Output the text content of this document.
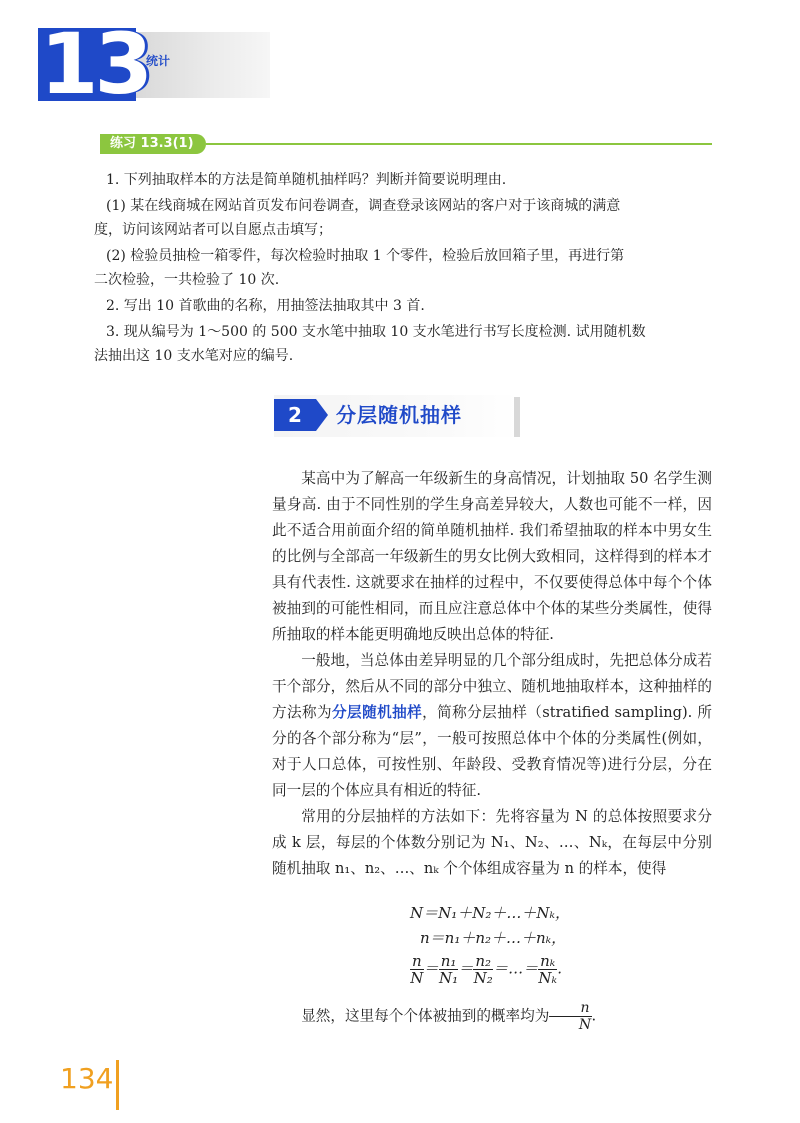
13
统计
练习 13.3(1)
1. 下列抽取样本的方法是简单随机抽样吗？判断并简要说明理由.
(1) 某在线商城在网站首页发布问卷调查，调查登录该网站的客户对于该商城的满意
度，访问该网站者可以自愿点击填写；
(2) 检验员抽检一箱零件，每次检验时抽取 1 个零件，检验后放回箱子里，再进行第
二次检验，一共检验了 10 次.
2. 写出 10 首歌曲的名称，用抽签法抽取其中 3 首.
3. 现从编号为 1～500 的 500 支水笔中抽取 10 支水笔进行书写长度检测. 试用随机数
法抽出这 10 支水笔对应的编号.
2	分层随机抽样

某高中为了解高一年级新生的身高情况，计划抽取 50 名学生测量身高. 由于不同性别的学生身高差异较大，人数也可能不一样，因此不适合用前面介绍的简单随机抽样. 我们希望抽取的样本中男女生的比例与全部高一年级新生的男女比例大致相同，这样得到的样本才具有代表性. 这就要求在抽样的过程中，不仅要使得总体中每个个体被抽到的可能性相同，而且应注意总体中个体的某些分类属性，使得所抽取的样本能更明确地反映出总体的特征.

一般地，当总体由差异明显的几个部分组成时，先把总体分成若干个部分，然后从不同的部分中独立、随机地抽取样本，这种抽样的方法称为分层随机抽样，简称分层抽样（stratified sampling). 所分的各个部分称为“层”，一般可按照总体中个体的分类属性(例如，对于人口总体，可按性别、年龄段、受教育情况等)进行分层，分在同一层的个体应具有相近的特征.

常用的分层抽样的方法如下：先将容量为 N 的总体按照要求分成 k 层，每层的个体数分别记为 N₁、N₂、…、Nₖ，在每层中分别随机抽取 n₁、n₂、…、nₖ 个个体组成容量为 n 的样本，使得

N＝N₁＋N₂＋…＋Nₖ，
n＝n₁＋n₂＋…＋nₖ，
$\frac{n}{N} = \frac{\text{n₁}}{\text{N₁}} = \frac{\text{n₂}}{\text{N₂}}$ ＝…＝ $\frac{\text{nₖ}}{\text{Nₖ}}$ .

显然，这里每个个体被抽到的概率均为 $\frac{n}{N}$ .

134
